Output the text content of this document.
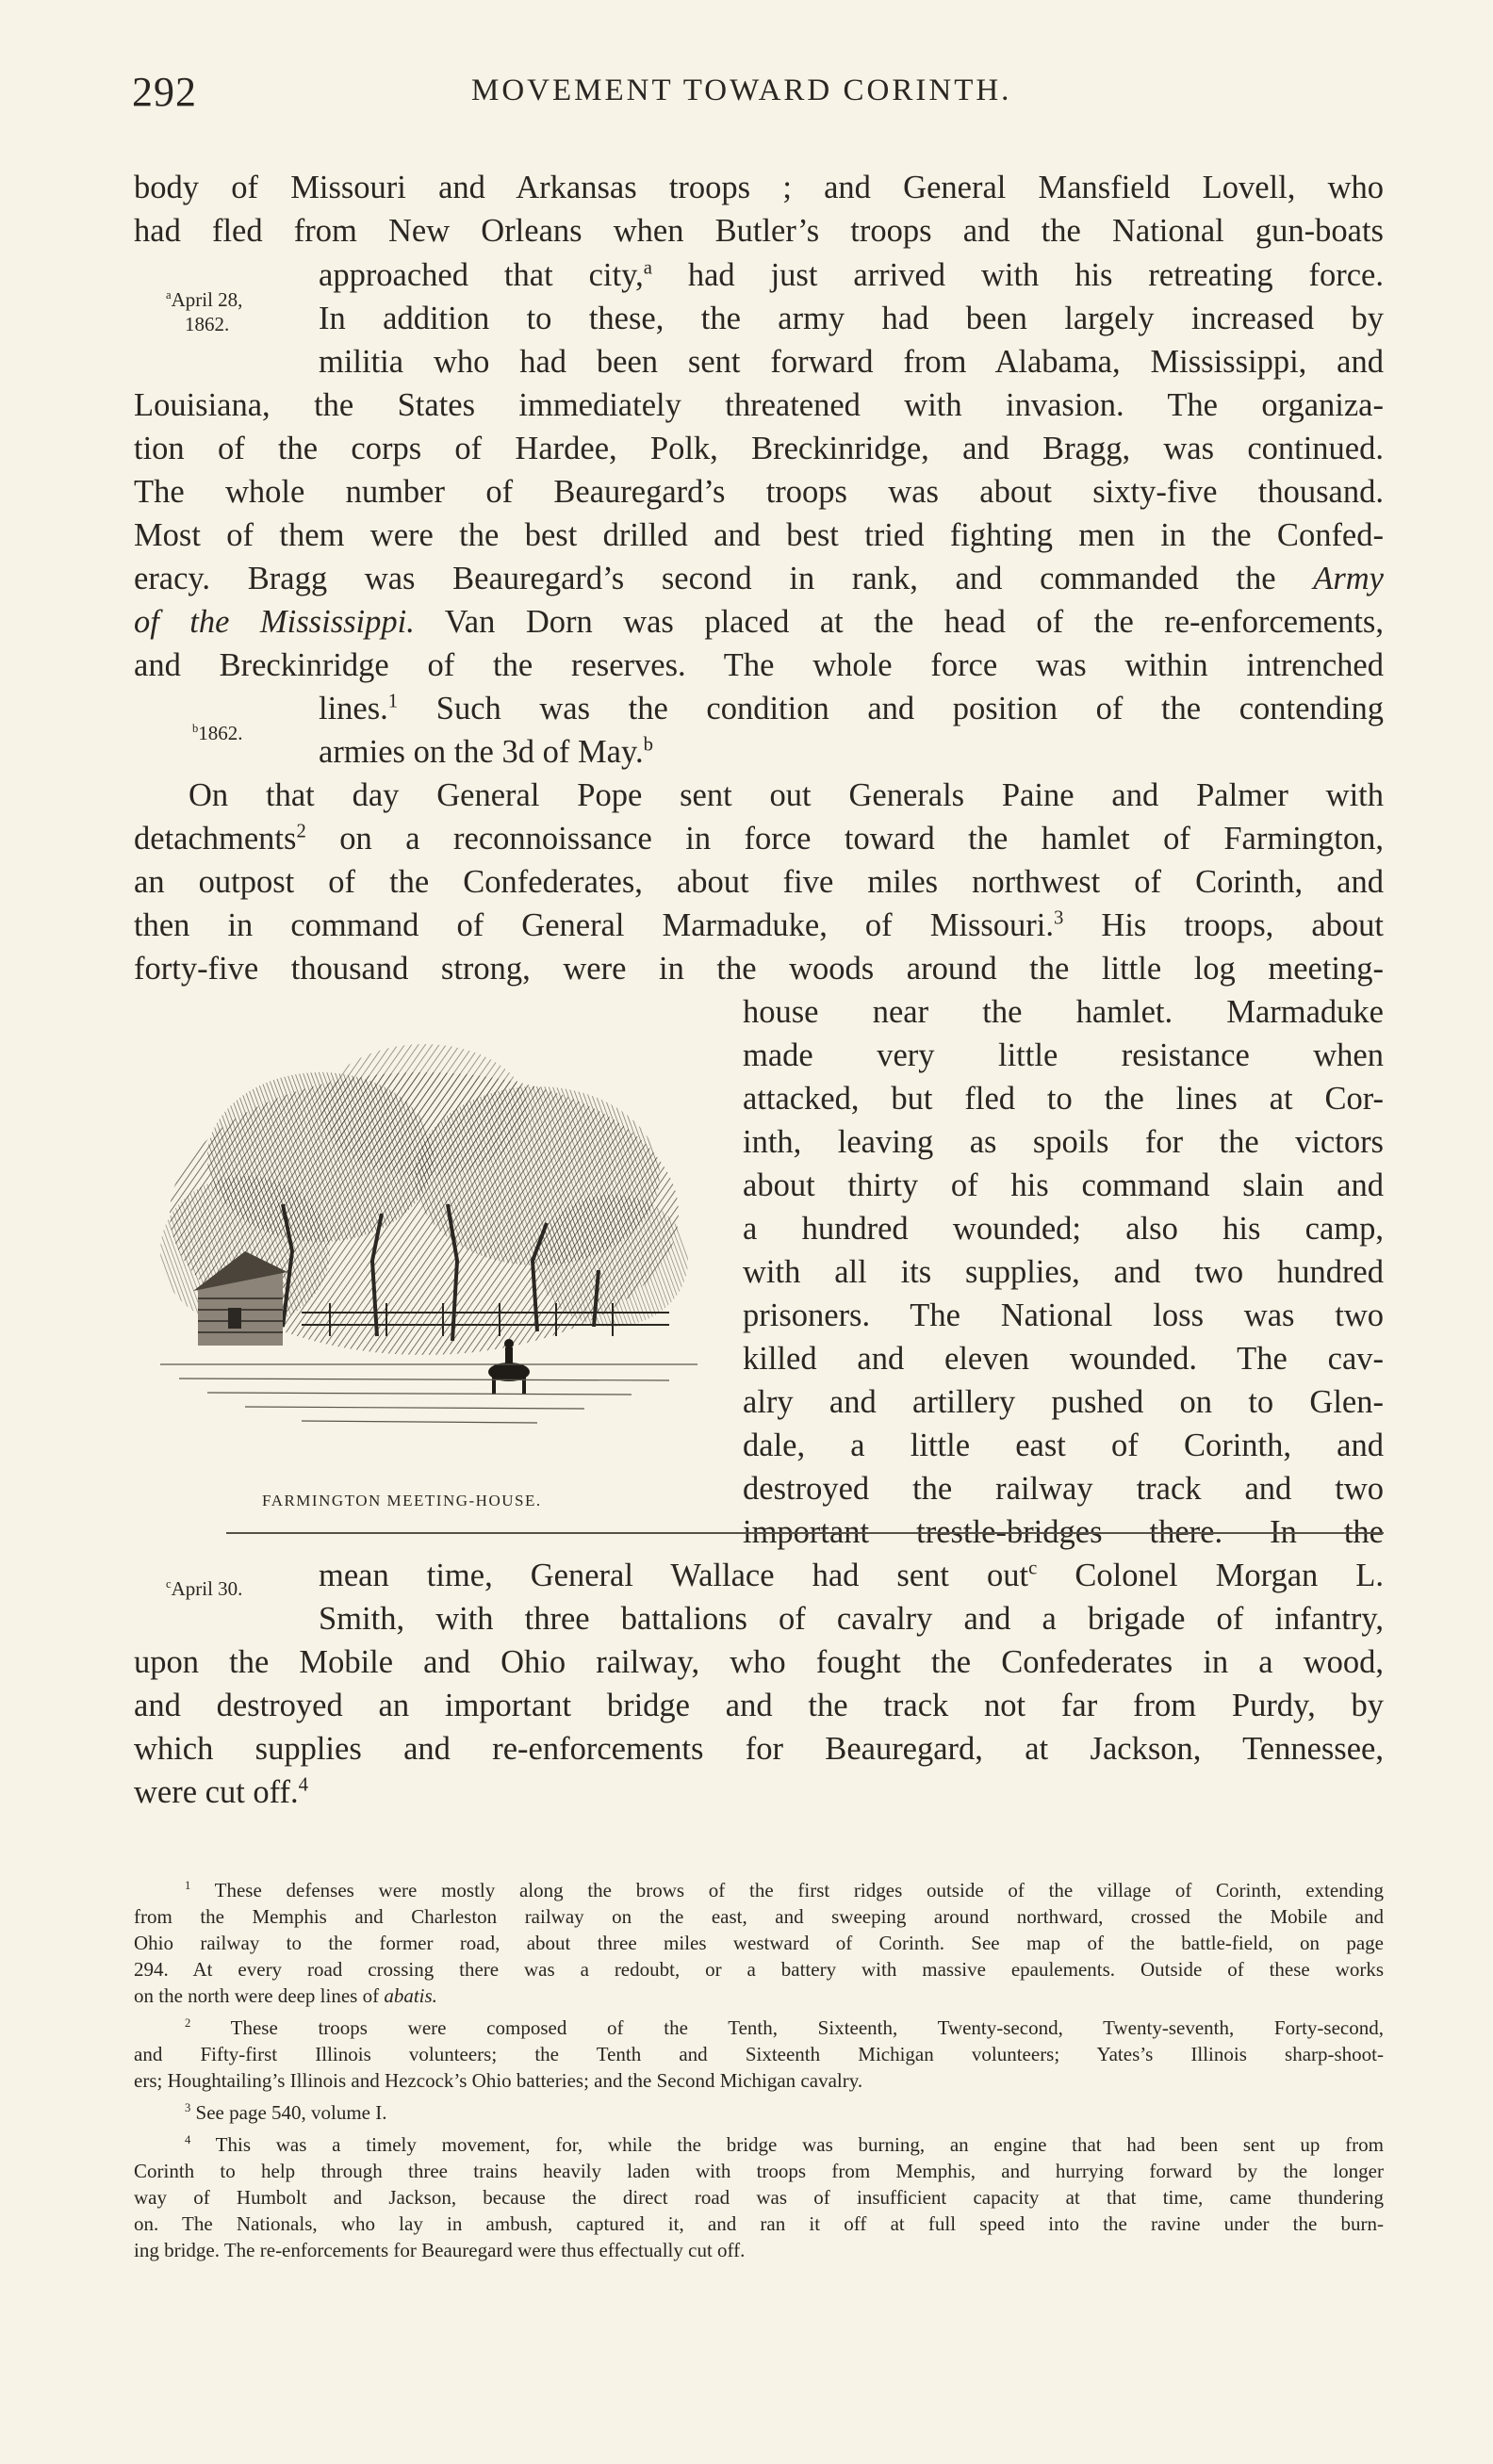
292	MOVEMENT TOWARD CORINTH.
body of Missouri and Arkansas troops ; and General Mansfield Lovell, who
had fled from New Orleans when Butler’s troops and the National gun-boats
approached that city,$^a$ had just arrived with his retreating force.
In addition to these, the army had been largely increased by
militia who had been sent forward from Alabama, Mississippi, and
Louisiana, the States immediately threatened with invasion. The organiza-
tion of the corps of Hardee, Polk, Breckinridge, and Bragg, was continued.
The whole number of Beauregard’s troops was about sixty-five thousand.
Most of them were the best drilled and best tried fighting men in the Confed-
eracy. Bragg was Beauregard’s second in rank, and commanded the Army
of the Mississippi. Van Dorn was placed at the head of the re-enforcements,
and Breckinridge of the reserves. The whole force was within intrenched
lines.$^1$ Such was the condition and position of the contending
armies on the 3d of May.$^b$
On that day General Pope sent out Generals Paine and Palmer with
detachments$^2$ on a reconnoissance in force toward the hamlet of Farmington,
an outpost of the Confederates, about five miles northwest of Corinth, and
then in command of General Marmaduke, of Missouri.$^3$ His troops, about
forty-five thousand strong, were in the woods around the little log meeting-
house near the hamlet. Marmaduke
made very little resistance when
attacked, but fled to the lines at Cor-
inth, leaving as spoils for the victors
about thirty of his command slain and
a hundred wounded; also his camp,
with all its supplies, and two hundred
prisoners. The National loss was two
killed and eleven wounded. The cav-
alry and artillery pushed on to Glen-
dale, a little east of Corinth, and
destroyed the railway track and two
important trestle-bridges there. In the
mean time, General Wallace had sent out$^c$ Colonel Morgan L.
Smith, with three battalions of cavalry and a brigade of infantry,
upon the Mobile and Ohio railway, who fought the Confederates in a wood,
and destroyed an important bridge and the track not far from Purdy, by
which supplies and re-enforcements for Beauregard, at Jackson, Tennessee,
were cut off.$^4$
$^a$April 28,
1862.
$^b$1862.
$^c$April 30.
FARMINGTON MEETING-HOUSE.
$^1$ These defenses were mostly along the brows of the first ridges outside of the village of Corinth, extending
from the Memphis and Charleston railway on the east, and sweeping around northward, crossed the Mobile and
Ohio railway to the former road, about three miles westward of Corinth. See map of the battle-field, on page
294. At every road crossing there was a redoubt, or a battery with massive epaulements. Outside of these works
on the north were deep lines of abatis.
$^2$ These troops were composed of the Tenth, Sixteenth, Twenty-second, Twenty-seventh, Forty-second,
and Fifty-first Illinois volunteers; the Tenth and Sixteenth Michigan volunteers; Yates’s Illinois sharp-shoot-
ers; Houghtailing’s Illinois and Hezcock’s Ohio batteries; and the Second Michigan cavalry.
$^3$ See page 540, volume I.
$^4$ This was a timely movement, for, while the bridge was burning, an engine that had been sent up from
Corinth to help through three trains heavily laden with troops from Memphis, and hurrying forward by the longer
way of Humbolt and Jackson, because the direct road was of insufficient capacity at that time, came thundering
on. The Nationals, who lay in ambush, captured it, and ran it off at full speed into the ravine under the burn-
ing bridge. The re-enforcements for Beauregard were thus effectually cut off.
